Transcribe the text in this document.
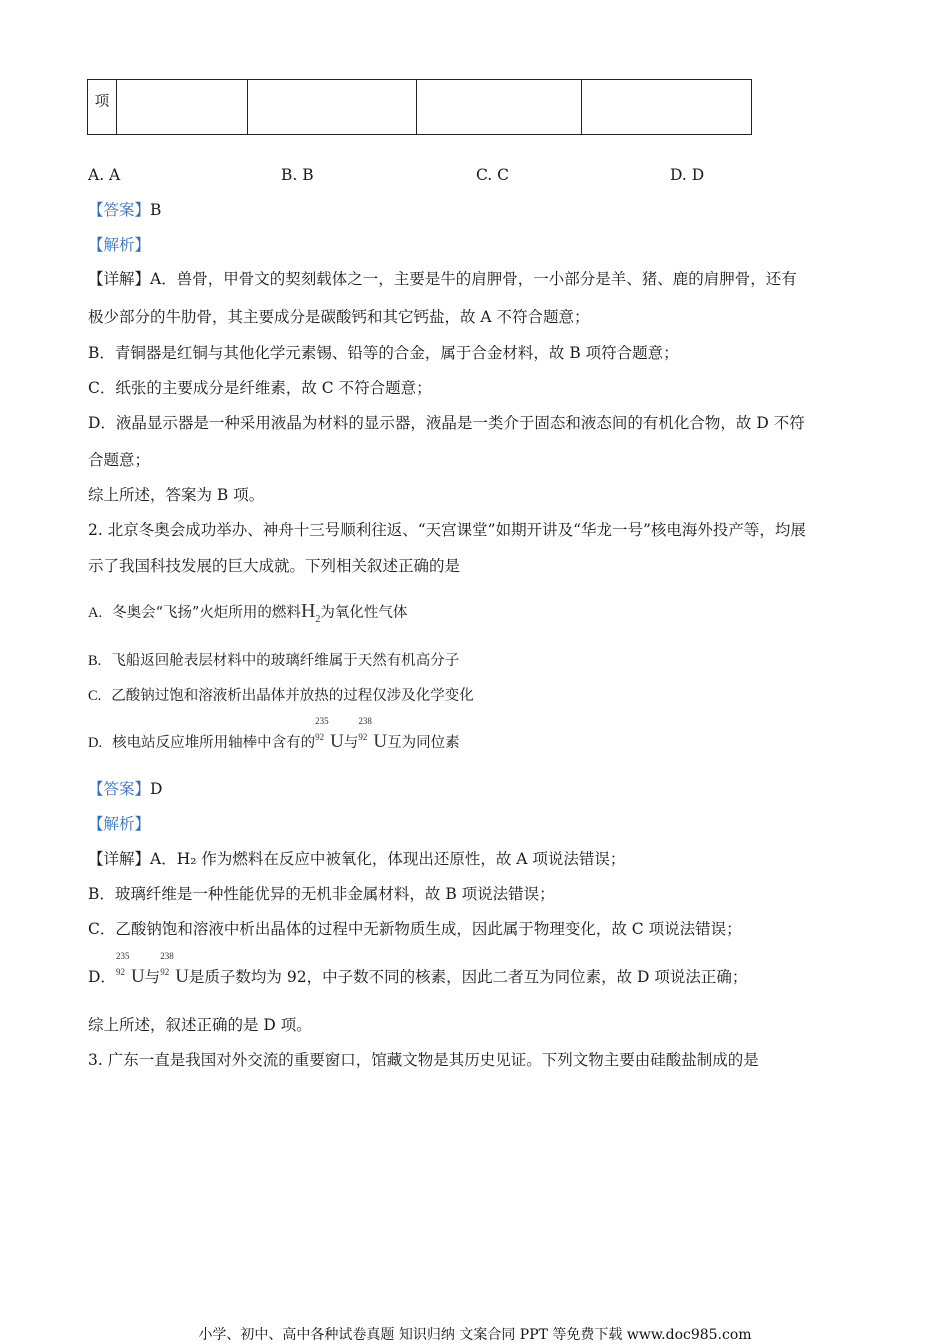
项				
A. A	B. B	C. C	D. D
【答案】B
【解析】
【详解】A．兽骨，甲骨文的契刻载体之一，主要是牛的肩胛骨，一小部分是羊、猪、鹿的肩胛骨，还有
极少部分的牛肋骨，其主要成分是碳酸钙和其它钙盐，故 A 不符合题意；
B．青铜器是红铜与其他化学元素锡、铅等的合金，属于合金材料，故 B 项符合题意；
C．纸张的主要成分是纤维素，故 C 不符合题意；
D．液晶显示器是一种采用液晶为材料的显示器，液晶是一类介于固态和液态间的有机化合物，故 D 不符
合题意；
综上所述，答案为 B 项。
2. 北京冬奥会成功举办、神舟十三号顺利往返、“天宫课堂”如期开讲及“华龙一号”核电海外投产等，均展
示了我国科技发展的巨大成就。下列相关叙述正确的是
A. 冬奥会“飞扬”火炬所用的燃料$H_2$为氧化性气体
B. 飞船返回舱表层材料中的玻璃纤维属于天然有机高分子
C. 乙酸钠过饱和溶液析出晶体并放热的过程仅涉及化学变化
D. 核电站反应堆所用轴棒中含有的
235
92 U与
238
92 U互为同位素
【答案】D
【解析】
【详解】A．H₂ 作为燃料在反应中被氧化，体现出还原性，故 A 项说法错误；
B．玻璃纤维是一种性能优异的无机非金属材料，故 B 项说法错误；
C．乙酸钠饱和溶液中析出晶体的过程中无新物质生成，因此属于物理变化，故 C 项说法错误；
D．
235
92 U与
238
92 U是质子数均为 92，中子数不同的核素，因此二者互为同位素，故 D 项说法正确；
综上所述，叙述正确的是 D 项。
3. 广东一直是我国对外交流的重要窗口，馆藏文物是其历史见证。下列文物主要由硅酸盐制成的是
小学、初中、高中各种试卷真题 知识归纳 文案合同 PPT 等免费下载 www.doc985.com
